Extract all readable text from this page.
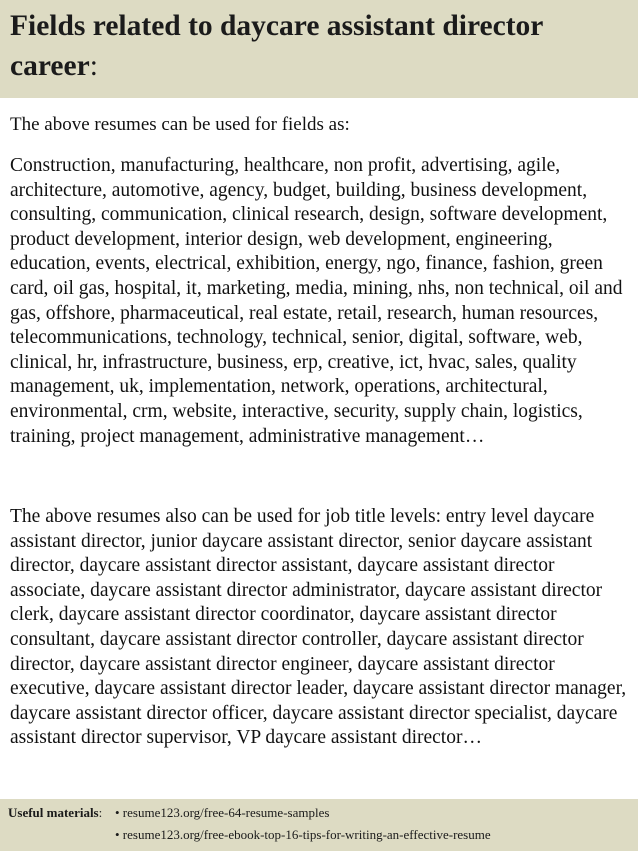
Fields related to daycare assistant director career:

The above resumes can be used for fields as:

Construction, manufacturing, healthcare, non profit, advertising, agile, architecture, automotive, agency, budget, building, business development, consulting, communication, clinical research, design, software development, product development, interior design, web development, engineering, education, events, electrical, exhibition, energy, ngo, finance, fashion, green card, oil gas, hospital, it, marketing, media, mining, nhs, non technical, oil and gas, offshore, pharmaceutical, real estate, retail, research, human resources, telecommunications, technology, technical, senior, digital, software, web, clinical, hr, infrastructure, business, erp, creative, ict, hvac, sales, quality management, uk, implementation, network, operations, architectural, environmental, crm, website, interactive, security, supply chain, logistics, training, project management, administrative management…

The above resumes also can be used for job title levels: entry level daycare assistant director, junior daycare assistant director, senior daycare assistant director, daycare assistant director assistant, daycare assistant director associate, daycare assistant director administrator, daycare assistant director clerk, daycare assistant director coordinator, daycare assistant director consultant, daycare assistant director controller, daycare assistant director director, daycare assistant director engineer, daycare assistant director executive, daycare assistant director leader, daycare assistant director manager, daycare assistant director officer, daycare assistant director specialist, daycare assistant director supervisor, VP daycare assistant director…

Useful materials: • resume123.org/free-64-resume-samples
• resume123.org/free-ebook-top-16-tips-for-writing-an-effective-resume
